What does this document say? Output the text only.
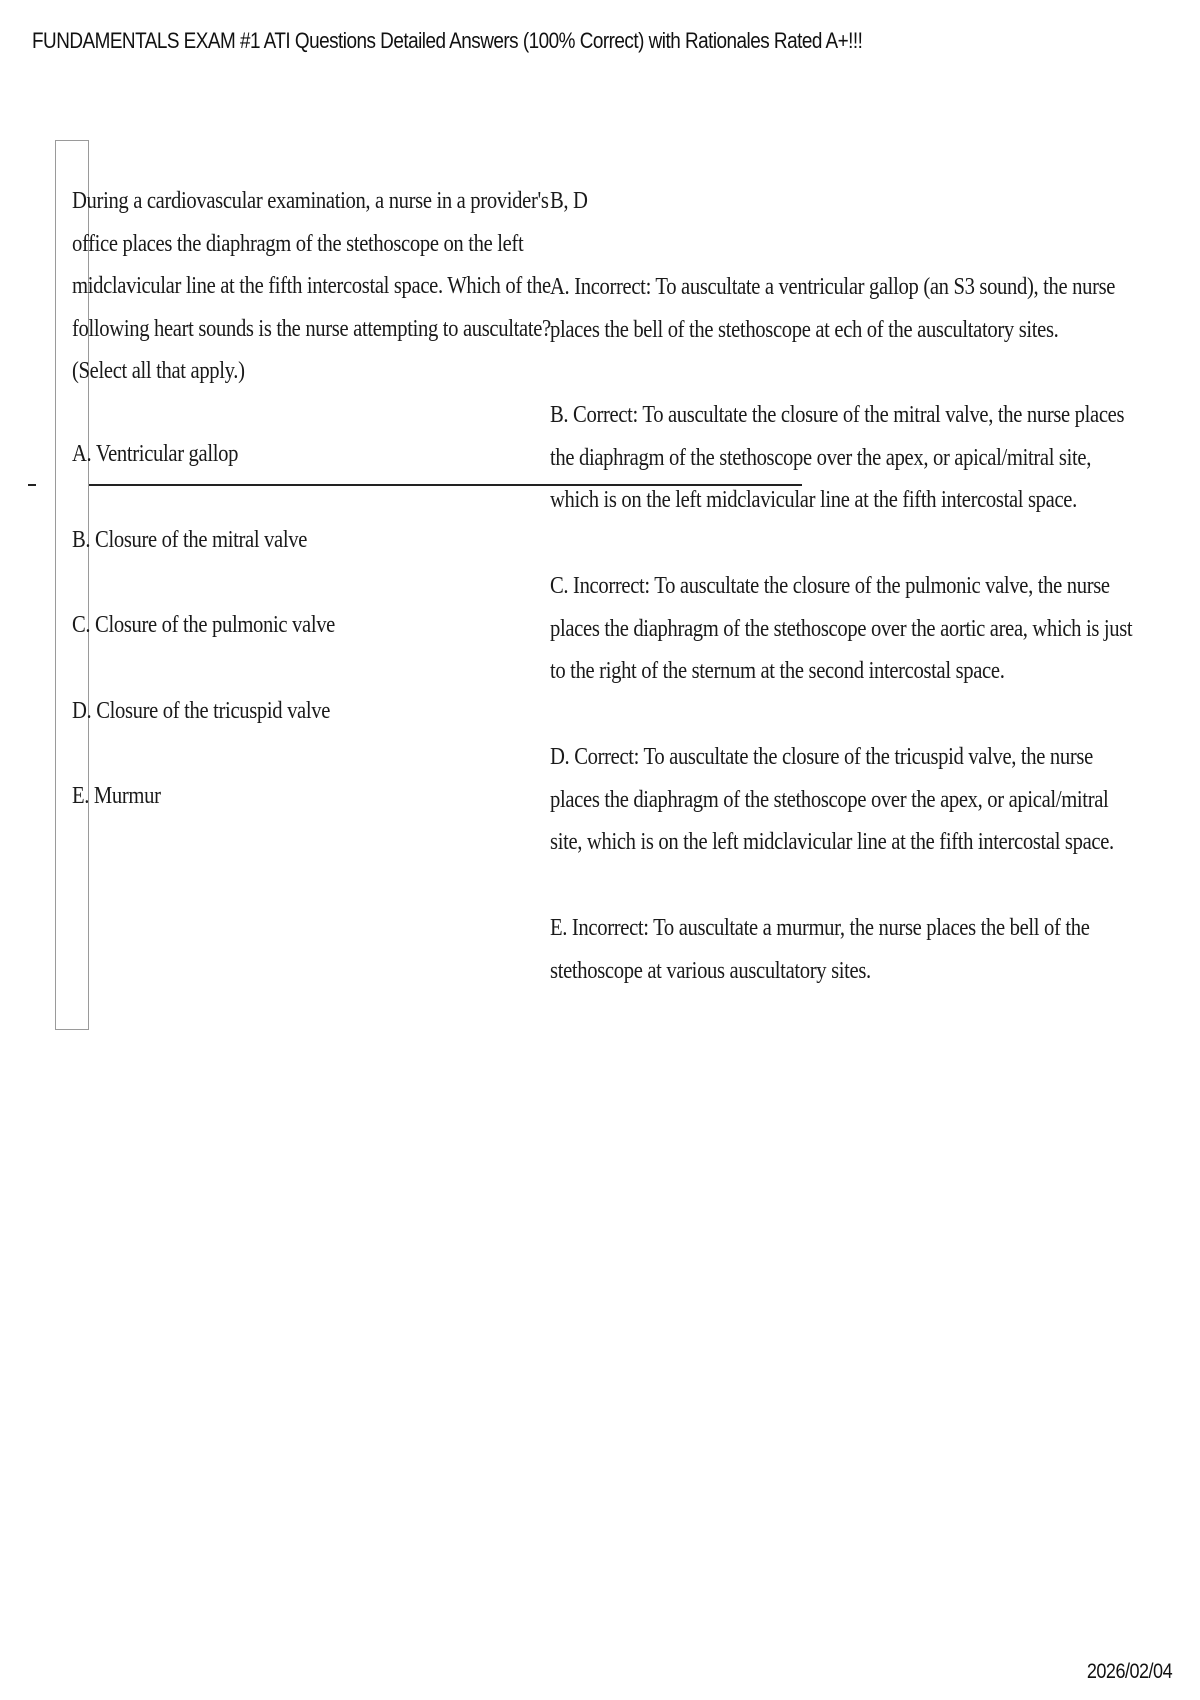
FUNDAMENTALS EXAM #1 ATI Questions Detailed Answers (100% Correct) with Rationales Rated A+!!!

During a cardiovascular examination, a nurse in a provider's office places the diaphragm of the stethoscope on the left midclavicular line at the fifth intercostal space. Which of the following heart sounds is the nurse attempting to auscultate? (Select all that apply.)

A. Ventricular gallop
B. Closure of the mitral valve
C. Closure of the pulmonic valve
D. Closure of the tricuspid valve
E. Murmur
B, D

A. Incorrect: To auscultate a ventricular gallop (an S3 sound), the nurse places the bell of the stethoscope at ech of the auscultatory sites.

B. Correct: To auscultate the closure of the mitral valve, the nurse places the diaphragm of the stethoscope over the apex, or apical/mitral site, which is on the left midclavicular line at the fifth intercostal space.

C. Incorrect: To auscultate the closure of the pulmonic valve, the nurse places the diaphragm of the stethoscope over the aortic area, which is just to the right of the sternum at the second intercostal space.

D. Correct: To auscultate the closure of the tricuspid valve, the nurse places the diaphragm of the stethoscope over the apex, or apical/mitral site, which is on the left midclavicular line at the fifth intercostal space.

E. Incorrect: To auscultate a murmur, the nurse places the bell of the stethoscope at various auscultatory sites.

2026/02/04
